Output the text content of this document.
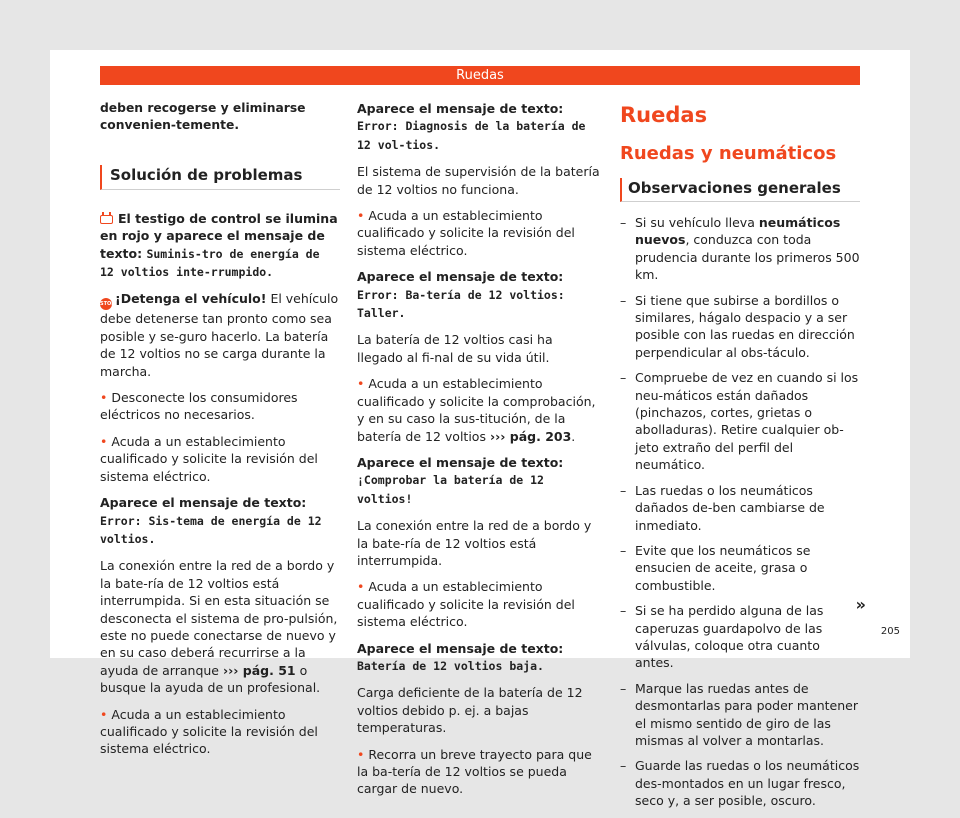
Ruedas

deben recogerse y eliminarse convenien-temente.

Solución de problemas

El testigo de control se ilumina en rojo y aparece el mensaje de texto: Suminis-tro de energía de 12 voltios inte-rrumpido.

STOP¡Detenga el vehículo! El vehículo debe detenerse tan pronto como sea posible y se-guro hacerlo. La batería de 12 voltios no se carga durante la marcha.

• Desconecte los consumidores eléctricos no necesarios.

• Acuda a un establecimiento cualificado y solicite la revisión del sistema eléctrico.

Aparece el mensaje de texto: Error: Sis-tema de energía de 12 voltios.

La conexión entre la red de a bordo y la bate-ría de 12 voltios está interrumpida. Si en esta situación se desconecta el sistema de pro-pulsión, este no puede conectarse de nuevo y en su caso deberá recurrirse a la ayuda de arranque ››› pág. 51 o busque la ayuda de un profesional.

• Acuda a un establecimiento cualificado y solicite la revisión del sistema eléctrico.

Aparece el mensaje de texto: Error: Diagnosis de la batería de 12 vol-tios.

El sistema de supervisión de la batería de 12 voltios no funciona.

• Acuda a un establecimiento cualificado y solicite la revisión del sistema eléctrico.

Aparece el mensaje de texto: Error: Ba-tería de 12 voltios: Taller.

La batería de 12 voltios casi ha llegado al fi-nal de su vida útil.

• Acuda a un establecimiento cualificado y solicite la comprobación, y en su caso la sus-titución, de la batería de 12 voltios ››› pág. 203.

Aparece el mensaje de texto: ¡Comprobar la batería de 12 voltios!

La conexión entre la red de a bordo y la bate-ría de 12 voltios está interrumpida.

• Acuda a un establecimiento cualificado y solicite la revisión del sistema eléctrico.

Aparece el mensaje de texto: Batería de 12 voltios baja.

Carga deficiente de la batería de 12 voltios debido p. ej. a bajas temperaturas.

• Recorra un breve trayecto para que la ba-tería de 12 voltios se pueda cargar de nuevo.

Ruedas
Ruedas y neumáticos
Observaciones generales
– Si su vehículo lleva neumáticos nuevos, conduzca con toda prudencia durante los primeros 500 km.
– Si tiene que subirse a bordillos o similares, hágalo despacio y a ser posible con las ruedas en dirección perpendicular al obs-táculo.
– Compruebe de vez en cuando si los neu-máticos están dañados (pinchazos, cortes, grietas o abolladuras). Retire cualquier ob-jeto extraño del perfil del neumático.
– Las ruedas o los neumáticos dañados de-ben cambiarse de inmediato.
– Evite que los neumáticos se ensucien de aceite, grasa o combustible.
– Si se ha perdido alguna de las caperuzas guardapolvo de las válvulas, coloque otra cuanto antes.
– Marque las ruedas antes de desmontarlas para poder mantener el mismo sentido de giro de las mismas al volver a montarlas.
– Guarde las ruedas o los neumáticos des-montados en un lugar fresco, seco y, a ser posible, oscuro.
»
205
